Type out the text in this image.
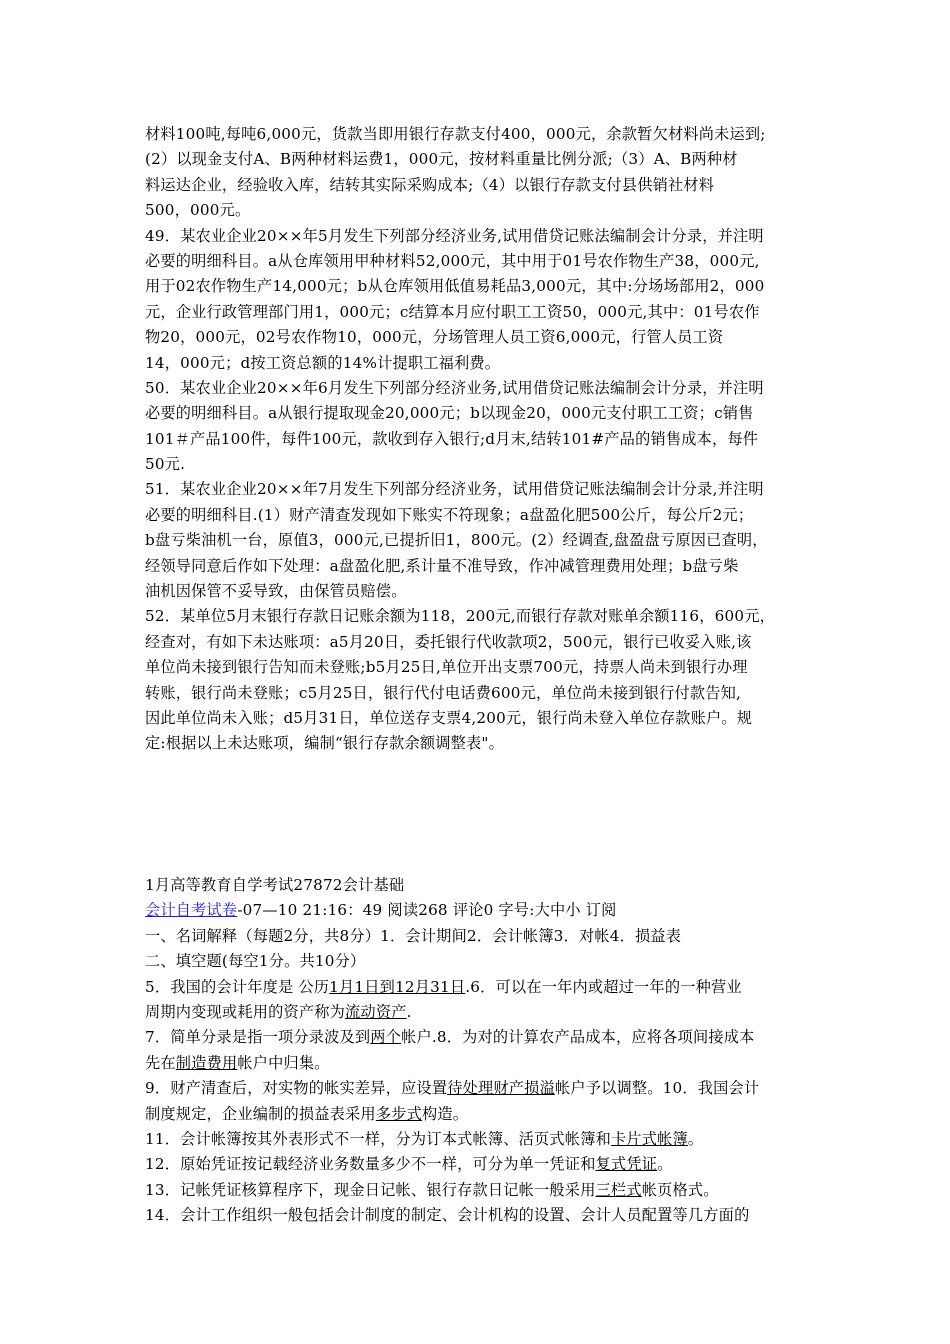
材料100吨,每吨6,000元，货款当即用银行存款支付400，000元，余款暂欠材料尚未运到;
(2）以现金支付A、B两种材料运费1，000元，按材料重量比例分派;（3）A、B两种材
料运达企业，经验收入库，结转其实际采购成本;（4）以银行存款支付县供销社材料
500，000元。
49．某农业企业20××年5月发生下列部分经济业务,试用借贷记账法编制会计分录，并注明
必要的明细科目。a从仓库领用甲种材料52,000元，其中用于01号农作物生产38，000元,
用于02农作物生产14,000元；b从仓库领用低值易耗品3,000元，其中:分场场部用2，000
元，企业行政管理部门用1，000元；c结算本月应付职工工资50，000元,其中：01号农作
物20，000元，02号农作物10，000元，分场管理人员工资6,000元，行管人员工资
14，000元；d按工资总额的14%计提职工福利费。
50．某农业企业20××年6月发生下列部分经济业务,试用借贷记账法编制会计分录，并注明
必要的明细科目。a从银行提取现金20,000元；b以现金20，000元支付职工工资；c销售
101＃产品100件，每件100元，款收到存入银行;d月末,结转101#产品的销售成本，每件
50元.
51．某农业企业20××年7月发生下列部分经济业务，试用借贷记账法编制会计分录,并注明
必要的明细科目.(1）财产清查发现如下账实不符现象；a盘盈化肥500公斤，每公斤2元；
b盘亏柴油机一台，原值3，000元,已提折旧1，800元。(2）经调查,盘盈盘亏原因已查明，
经领导同意后作如下处理：a盘盈化肥,系计量不准导致，作冲减管理费用处理；b盘亏柴
油机因保管不妥导致，由保管员赔偿。
52．某单位5月末银行存款日记账余额为118，200元,而银行存款对账单余额116，600元，
经查对，有如下未达账项：a5月20日，委托银行代收款项2，500元，银行已收妥入账,该
单位尚未接到银行告知而未登账;b5月25日,单位开出支票700元，持票人尚未到银行办理
转账，银行尚未登账；c5月25日，银行代付电话费600元，单位尚未接到银行付款告知,
因此单位尚未入账；d5月31日，单位送存支票4,200元，银行尚未登入单位存款账户。规
定:根据以上未达账项，编制“银行存款余额调整表"。
1月高等教育自学考试27872会计基础
会计自考试卷-07—10 21:16：49 阅读268 评论0 字号:大中小 订阅
一、名词解释（每题2分，共8分）1．会计期间2．会计帐簿3．对帐4．损益表
二、填空题(每空1分。共10分）
5．我国的会计年度是 公历1月1日到12月31日.6．可以在一年内或超过一年的一种营业
周期内变现或耗用的资产称为流动资产.
7．简单分录是指一项分录波及到两个帐户.8．为对的计算农产品成本，应将各项间接成本
先在制造费用帐户中归集。
9．财产清查后，对实物的帐实差异，应设置待处理财产损溢帐户予以调整。10．我国会计
制度规定，企业编制的损益表采用多步式构造。
11．会计帐簿按其外表形式不一样，分为订本式帐簿、活页式帐簿和卡片式帐簿。
12．原始凭证按记载经济业务数量多少不一样，可分为单一凭证和复式凭证。
13．记帐凭证核算程序下，现金日记帐、银行存款日记帐一般采用三栏式帐页格式。
14．会计工作组织一般包括会计制度的制定、会计机构的设置、会计人员配置等几方面的
